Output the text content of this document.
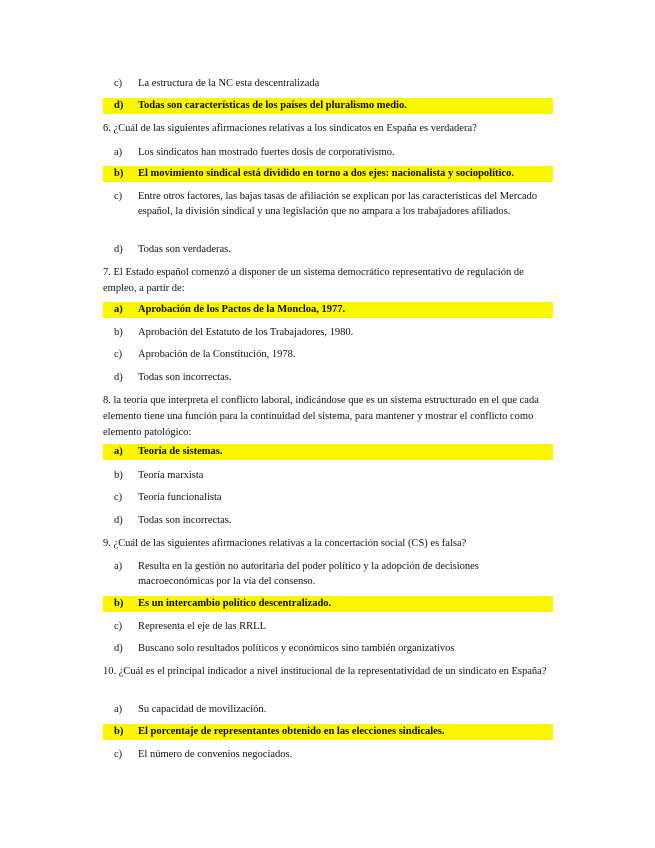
c) La estructura de la NC esta descentralizada
d) Todas son características de los países del pluralismo medio.
6. ¿Cuál de las siguientes afirmaciones relativas a los sindicatos en España es verdadera?
a) Los sindicatos han mostrado fuertes dosis de corporativismo.
b) El movimiento sindical está dividido en torno a dos ejes: nacionalista y sociopolítico.
c) Entre otros factores, las bajas tasas de afiliación se explican por las características del Mercado español, la división sindical y una legislación que no ampara a los trabajadores afiliados.
d) Todas son verdaderas.
7. El Estado español comenzó a disponer de un sistema democrático representativo de regulación de empleo, a partir de:
a) Aprobación de los Pactos de la Moncloa, 1977.
b) Aprobación del Estatuto de los Trabajadores, 1980.
c) Aprobación de la Constitución, 1978.
d) Todas son incorrectas.
8. la teoría que interpreta el conflicto laboral, indicándose que es un sistema estructurado en el que cada elemento tiene una función para la continuidad del sistema, para mantener y mostrar el conflicto como elemento patológico:
a) Teoría de sistemas.
b) Teoría marxista
c) Teoría funcionalista
d) Todas son incorrectas.
9. ¿Cuál de las siguientes afirmaciones relativas a la concertación social (CS) es falsa?
a) Resulta en la gestión no autoritaria del poder político y la adopción de decisiones macroeconómicas por la vía del consenso.
b) Es un intercambio político descentralizado.
c) Representa el eje de las RRLL
d) Buscano solo resultados políticos y económicos sino también organizativos
10. ¿Cuál es el principal indicador a nivel institucional de la representatividad de un sindicato en España?
a) Su capacidad de movilización.
b) El porcentaje de representantes obtenido en las elecciones sindicales.
c) El número de convenios negociados.
